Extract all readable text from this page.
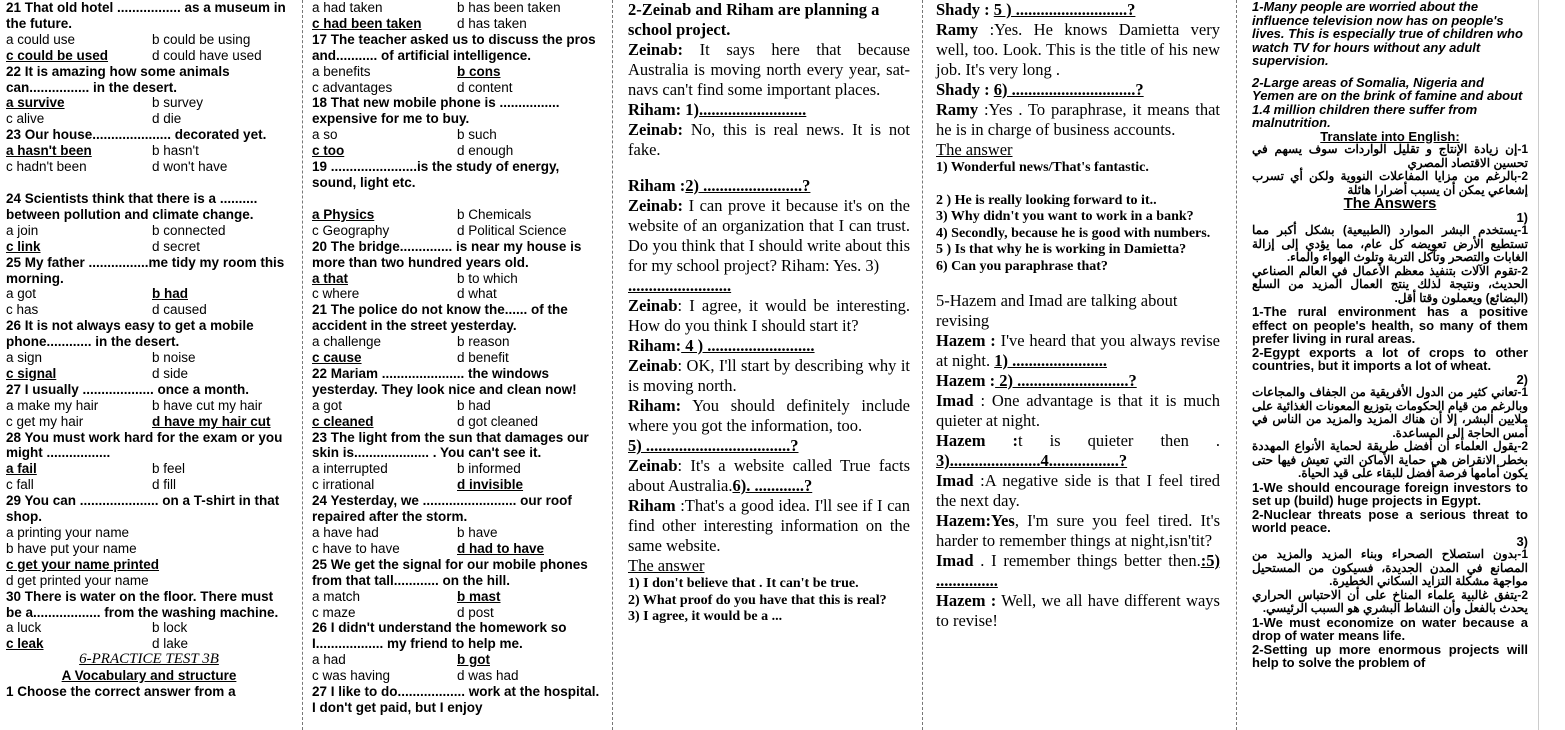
21 That old hotel ................. as a museum in the future.
a could use	b could be using
c could be used	d could have used
22 It is amazing how some animals can................ in the desert.
a survive	b survey
c alive	d die
23 Our house..................... decorated yet.
a hasn't been	b hasn't
c hadn't been	d won't have
24 Scientists think that there is a .......... between pollution and climate change.
a join	b connected
c link	d secret
25 My father ................me tidy my room this morning.
a got	b had
c has	d caused
26 It is not always easy to get a mobile phone............ in the desert.
a sign	b noise
c signal	d side
27 I usually ................... once a month.
a make my hair	b have cut my hair
c get my hair	d have my hair cut
28 You must work hard for the exam or you might .................
a fail	b feel
c fall	d fill
29 You can ..................... on a T-shirt in that shop.
a printing your name
b have put your name
c get your name printed
d get printed your name
30 There is water on the floor. There must be a.................. from the washing machine.
a luck	b lock
c leak	d lake
6-PRACTICE TEST 3B
A Vocabulary and structure
1 Choose the correct answer from a
a had taken	b has been taken
c had been taken	d has taken
17 The teacher asked us to discuss the pros and........... of artificial intelligence.
a benefits	b cons
c advantages	d content
18 That new mobile phone is ................ expensive for me to buy.
a so	b such
c too	d enough
19 .......................is the study of energy, sound, light etc.
a Physics	b Chemicals
c Geography	d Political Science
20 The bridge.............. is near my house is more than two hundred years old.
a that	b to which
c where	d what
21 The police do not know the...... of the accident in the street yesterday.
a challenge	b reason
c cause	d benefit
22 Mariam ...................... the windows yesterday. They look nice and clean now!
a got	b had
c cleaned	d got cleaned
23 The light from the sun that damages our skin is.................... . You can't see it.
a interrupted	b informed
c irrational	d invisible
24 Yesterday, we ......................... our roof repaired after the storm.
a have had	b have
c have to have	d had to have
25 We get the signal for our mobile phones from that tall............ on the hill.
a match	b mast
c maze	d post
26 I didn't understand the homework so I.................. my friend to help me.
a had	b got
c was having	d was had
27 I like to do.................. work at the hospital. I don't get paid, but I enjoy
2-Zeinab and Riham are planning a school project.
Zeinab: It says here that because Australia is moving north every year, sat-navs can't find some important places.
Riham: 1)..........................
Zeinab: No, this is real news. It is not fake.
Riham :2) ........................?
Zeinab: I can prove it because it's on the website of an organization that I can trust. Do you think that I should write about this for my school project? Riham: Yes. 3)
.........................
Zeinab: I agree, it would be interesting. How do you think I should start it?
Riham: 4 ) ..........................
Zeinab: OK, I'll start by describing why it is moving north.
Riham: You should definitely include where you got the information, too.
5) ...................................?
Zeinab: It's a website called True facts about Australia.6). ............?
Riham :That's a good idea. I'll see if I can find other interesting information on the same website.
The answer
1) I don't believe that . It can't be true.
2) What proof do you have that this is real?
3) I agree, it would be a ...
Shady : 5 ) ...........................?
Ramy :Yes. He knows Damietta very well, too. Look. This is the title of his new job. It's very long .
Shady : 6) ..............................?
Ramy :Yes . To paraphrase, it means that he is in charge of business accounts.
The answer
1) Wonderful news/That's fantastic.
2 ) He is really looking forward to it..
3) Why didn't you want to work in a bank?
4) Secondly, because he is good with numbers.
5 ) Is that why he is working in Damietta?
6) Can you paraphrase that?
5-Hazem and Imad are talking about revising
Hazem : I've heard that you always revise at night. 1) .......................
Hazem : 2) ...........................?
Imad : One advantage is that it is much quieter at night.
Hazem :t is quieter then . 3)......................4.................?
Imad :A negative side is that I feel tired the next day.
Hazem:Yes, I'm sure you feel tired. It's harder to remember things at night,isn'tit?
Imad . I remember things better then.:5) ...............
Hazem : Well, we all have different ways to revise!
1-Many people are worried about the influence television now has on people's lives. This is especially true of children who watch TV for hours without any adult supervision.
2-Large areas of Somalia, Nigeria and Yemen are on the brink of famine and about 1.4 million children there suffer from malnutrition.
Translate into English:
1-إن زيادة الإنتاج و تقليل الواردات سوف يسهم في تحسين الاقتصاد المصري
2-بالرغم من مزايا المفاعلات النووية ولكن أي تسرب إشعاعي يمكن أن يسبب أضرارا هائلة
The Answers
1)
1-يستخدم البشر الموارد (الطبيعية) بشكل أكبر مما تستطيع الأرض تعويضه كل عام، مما يؤدي إلى إزالة الغابات والتصحر وتآكل التربة وتلوث الهواء والماء.
2-تقوم الآلات بتنفيذ معظم الأعمال في العالم الصناعي الحديث، ونتيجة لذلك ينتج العمال المزيد من السلع (البضائع) ويعملون وقتا أقل.
1-The rural environment has a positive effect on people's health, so many of them prefer living in rural areas.
2-Egypt exports a lot of crops to other countries, but it imports a lot of wheat.
2)
1-تعاني كثير من الدول الأفريقية من الجفاف والمجاعات وبالرغم من قيام الحكومات بتوزيع المعونات الغذائية على ملايين البشر، إلا أن هناك المزيد والمزيد من الناس في أمس الحاجة إلى المساعدة.
2-يقول العلماء أن أفضل طريقة لحماية الأنواع المهددة بخطر الانقراض هي حماية الأماكن التي تعيش فيها حتى يكون أمامها فرصة أفضل للبقاء على قيد الحياة.
1-We should encourage foreign investors to set up (build) huge projects in Egypt.
2-Nuclear threats pose a serious threat to world peace.
3)
1-بدون استصلاح الصحراء وبناء المزيد والمزيد من المصانع في المدن الجديدة، فسيكون من المستحيل مواجهة مشكلة التزايد السكاني الخطيرة.
2-يتفق غالبية علماء المناخ على أن الاحتباس الحراري يحدث بالفعل وأن النشاط البشري هو السبب الرئيسي.
1-We must economize on water because a drop of water means life.
2-Setting up more enormous projects will help to solve the problem of
